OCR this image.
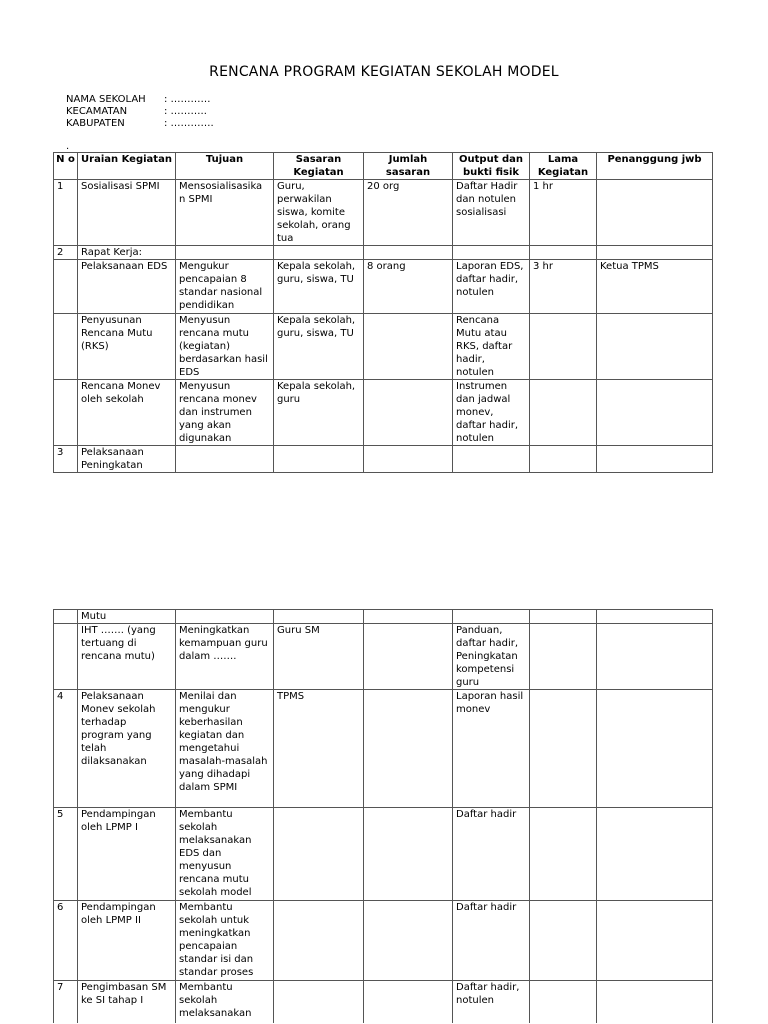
RENCANA PROGRAM KEGIATAN SEKOLAH MODEL
NAMA SEKOLAH	: …………
KECAMATAN	: ………..
KABUPATEN	: ………….
.
N o	Uraian Kegiatan	Tujuan	Sasaran Kegiatan	Jumlah sasaran	Output dan bukti fisik	Lama Kegiatan	Penanggung jwb
1	Sosialisasi SPMI	Mensosialisasika n SPMI	Guru, perwakilan siswa, komite sekolah, orang tua	20 org	Daftar Hadir dan notulen sosialisasi	1 hr	
2	Rapat Kerja:						
	Pelaksanaan EDS	Mengukur pencapaian 8 standar nasional pendidikan	Kepala sekolah, guru, siswa, TU	8 orang	Laporan EDS, daftar hadir, notulen	3 hr	Ketua TPMS
	Penyusunan Rencana Mutu (RKS)	Menyusun rencana mutu (kegiatan) berdasarkan hasil EDS	Kepala sekolah, guru, siswa, TU		Rencana Mutu atau RKS, daftar hadir, notulen		
	Rencana Monev oleh sekolah	Menyusun rencana monev dan instrumen yang akan digunakan	Kepala sekolah, guru		Instrumen dan jadwal monev, daftar hadir, notulen		
3	Pelaksanaan Peningkatan						
	Mutu						
	IHT ……. (yang tertuang di rencana mutu)	Meningkatkan kemampuan guru dalam …….	Guru SM		Panduan, daftar hadir, Peningkatan kompetensi guru		
4	Pelaksanaan Monev sekolah terhadap program yang telah dilaksanakan	Menilai dan mengukur keberhasilan kegiatan dan mengetahui masalah-masalah yang dihadapi dalam SPMI	TPMS		Laporan hasil monev		
5	Pendampingan oleh LPMP I	Membantu sekolah melaksanakan EDS dan menyusun rencana mutu sekolah model			Daftar hadir		
6	Pendampingan oleh LPMP II	Membantu sekolah untuk meningkatkan pencapaian standar isi dan standar proses			Daftar hadir		
7	Pengimbasan SM ke SI tahap I	Membantu sekolah melaksanakan			Daftar hadir, notulen		
